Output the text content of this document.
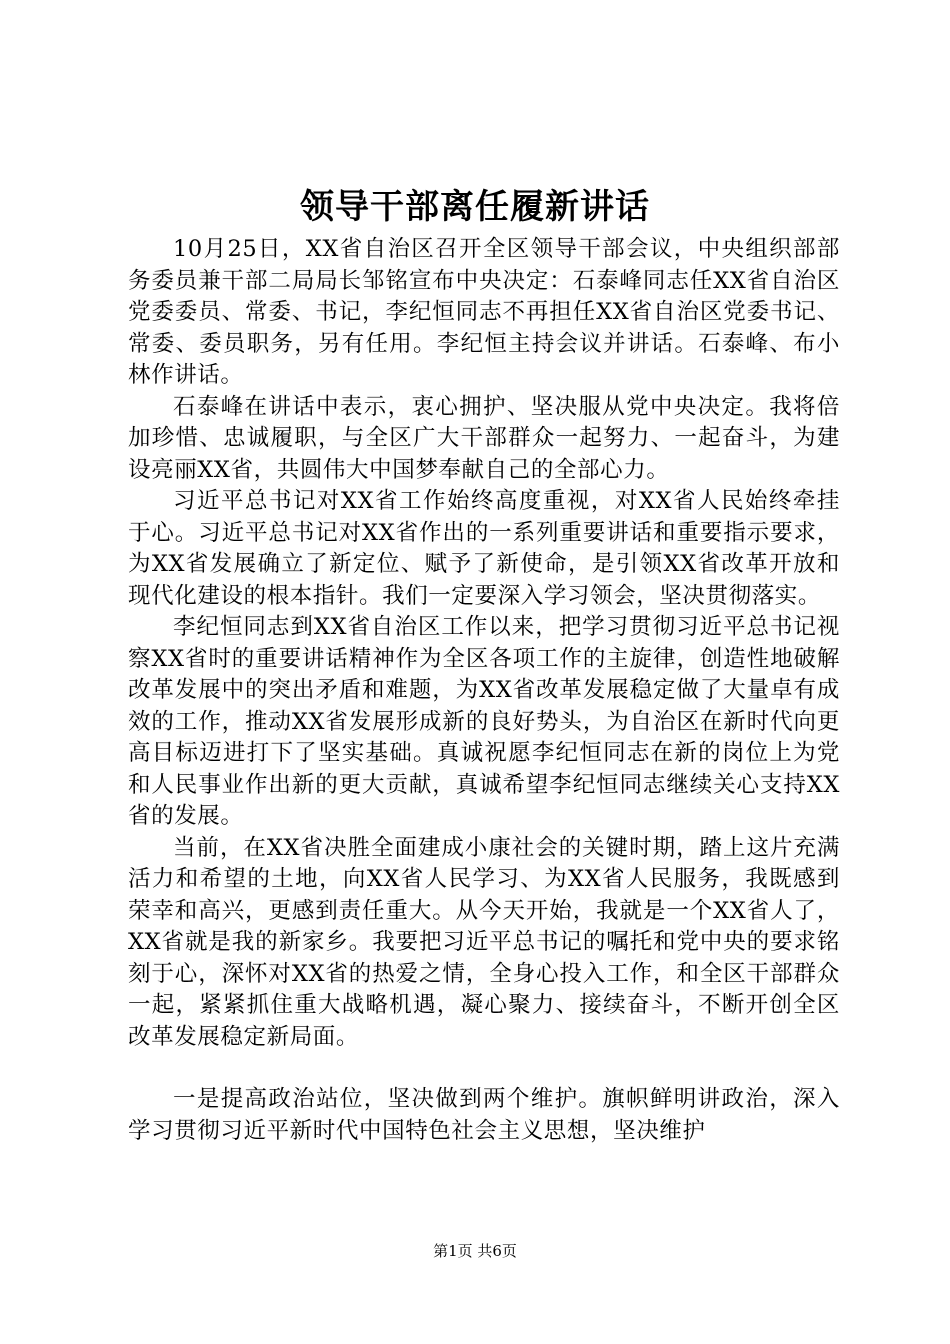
领导干部离任履新讲话

10月25日，XX省自治区召开全区领导干部会议，中央组织部部务委员兼干部二局局长邹铭宣布中央决定：石泰峰同志任XX省自治区党委委员、常委、书记，李纪恒同志不再担任XX省自治区党委书记、常委、委员职务，另有任用。李纪恒主持会议并讲话。石泰峰、布小林作讲话。

石泰峰在讲话中表示，衷心拥护、坚决服从党中央决定。我将倍加珍惜、忠诚履职，与全区广大干部群众一起努力、一起奋斗，为建设亮丽XX省，共圆伟大中国梦奉献自己的全部心力。

习近平总书记对XX省工作始终高度重视，对XX省人民始终牵挂于心。习近平总书记对XX省作出的一系列重要讲话和重要指示要求，为XX省发展确立了新定位、赋予了新使命，是引领XX省改革开放和现代化建设的根本指针。我们一定要深入学习领会，坚决贯彻落实。

李纪恒同志到XX省自治区工作以来，把学习贯彻习近平总书记视察XX省时的重要讲话精神作为全区各项工作的主旋律，创造性地破解改革发展中的突出矛盾和难题，为XX省改革发展稳定做了大量卓有成效的工作，推动XX省发展形成新的良好势头，为自治区在新时代向更高目标迈进打下了坚实基础。真诚祝愿李纪恒同志在新的岗位上为党和人民事业作出新的更大贡献，真诚希望李纪恒同志继续关心支持XX省的发展。

当前，在XX省决胜全面建成小康社会的关键时期，踏上这片充满活力和希望的土地，向XX省人民学习、为XX省人民服务，我既感到荣幸和高兴，更感到责任重大。从今天开始，我就是一个XX省人了，XX省就是我的新家乡。我要把习近平总书记的嘱托和党中央的要求铭刻于心，深怀对XX省的热爱之情，全身心投入工作，和全区干部群众一起，紧紧抓住重大战略机遇，凝心聚力、接续奋斗，不断开创全区改革发展稳定新局面。

一是提高政治站位，坚决做到两个维护。旗帜鲜明讲政治，深入学习贯彻习近平新时代中国特色社会主义思想，坚决维护

第1页 共6页
